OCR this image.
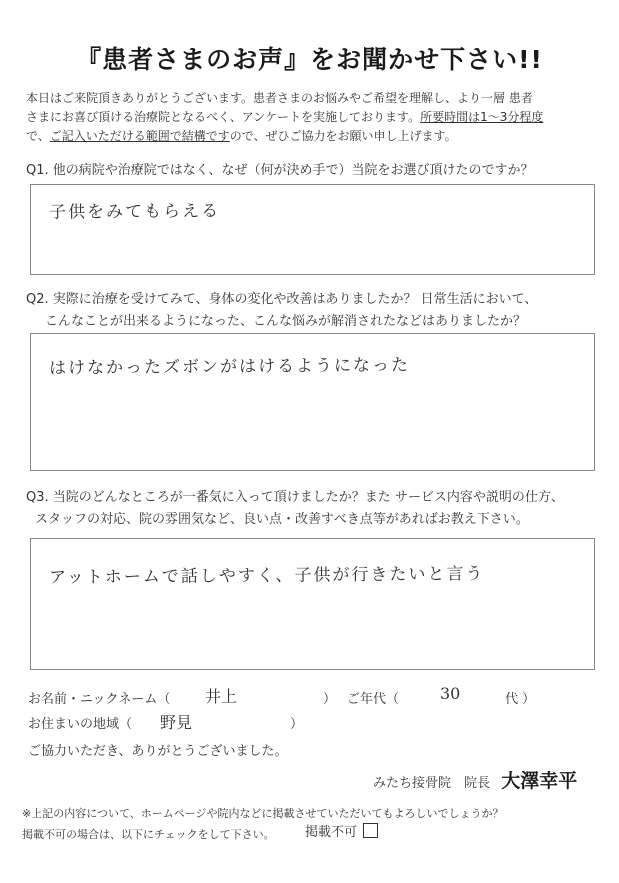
『患者さまのお声』をお聞かせ下さい!!
本日はご来院頂きありがとうございます。患者さまのお悩みやご希望を理解し、より一層 患者
さまにお喜び頂ける治療院となるべく、アンケートを実施しております。所要時間は1〜3分程度
で、ご記入いただける範囲で結構ですので、ぜひご協力をお願い申し上げます。
Q1. 他の病院や治療院ではなく、なぜ（何が決め手で）当院をお選び頂けたのですか？
子供をみてもらえる
Q2. 実際に治療を受けてみて、身体の変化や改善はありましたか？ 日常生活において、
こんなことが出来るようになった、こんな悩みが解消されたなどはありましたか？
はけなかったズボンがはけるようになった
Q3. 当院のどんなところが一番気に入って頂けましたか？また サービス内容や説明の仕方、
スタッフの対応、院の雰囲気など、良い点・改善すべき点等があればお教え下さい。
アットホームで話しやすく、子供が行きたいと言う
お名前・ニックネーム（ 井上	） ご年代（	30	代 ）
お住まいの地域（ 野見	）
ご協力いただき、ありがとうございました。
みたち接骨院 院長 大澤幸平
※上記の内容について、ホームページや院内などに掲載させていただいてもよろしいでしょうか？
掲載不可の場合は、以下にチェックをして下さい。 掲載不可
